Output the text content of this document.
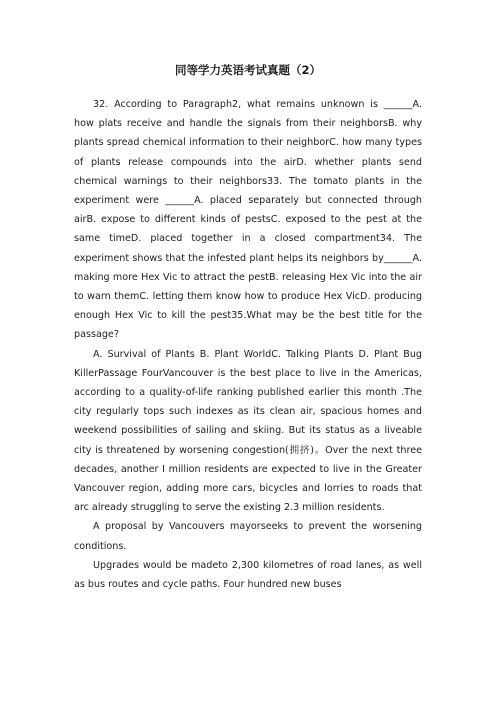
同等学力英语考试真题（2）

32. According to Paragraph2, what remains unknown is ______A. how plats receive and handle the signals from their neighborsB. why plants spread chemical information to their neighborC. how many types of plants release compounds into the airD. whether plants send chemical warnings to their neighbors33. The tomato plants in the experiment were ______A. placed separately but connected through airB. expose to different kinds of pestsC. exposed to the pest at the same timeD. placed together in a closed compartment34. The experiment shows that the infested plant helps its neighbors by______A. making more Hex Vic to attract the pestB. releasing Hex Vic into the air to warn themC. letting them know how to produce Hex VicD. producing enough Hex Vic to kill the pest35.What may be the best title for the passage?

A. Survival of Plants B. Plant WorldC. Talking Plants D. Plant Bug KillerPassage FourVancouver is the best place to live in the Americas, according to a quality-of-life ranking published earlier this month .The city regularly tops such indexes as its clean air, spacious homes and weekend possibilities of sailing and skiing. But its status as a liveable city is threatened by worsening congestion(拥挤)。Over the next three decades, another I million residents are expected to live in the Greater Vancouver region, adding more cars, bicycles and lorries to roads that arc already struggling to serve the existing 2.3 million residents.

A proposal by Vancouvers mayorseeks to prevent the worsening conditions.

Upgrades would be madeto 2,300 kilometres of road lanes, as well as bus routes and cycle paths. Four hundred new buses
